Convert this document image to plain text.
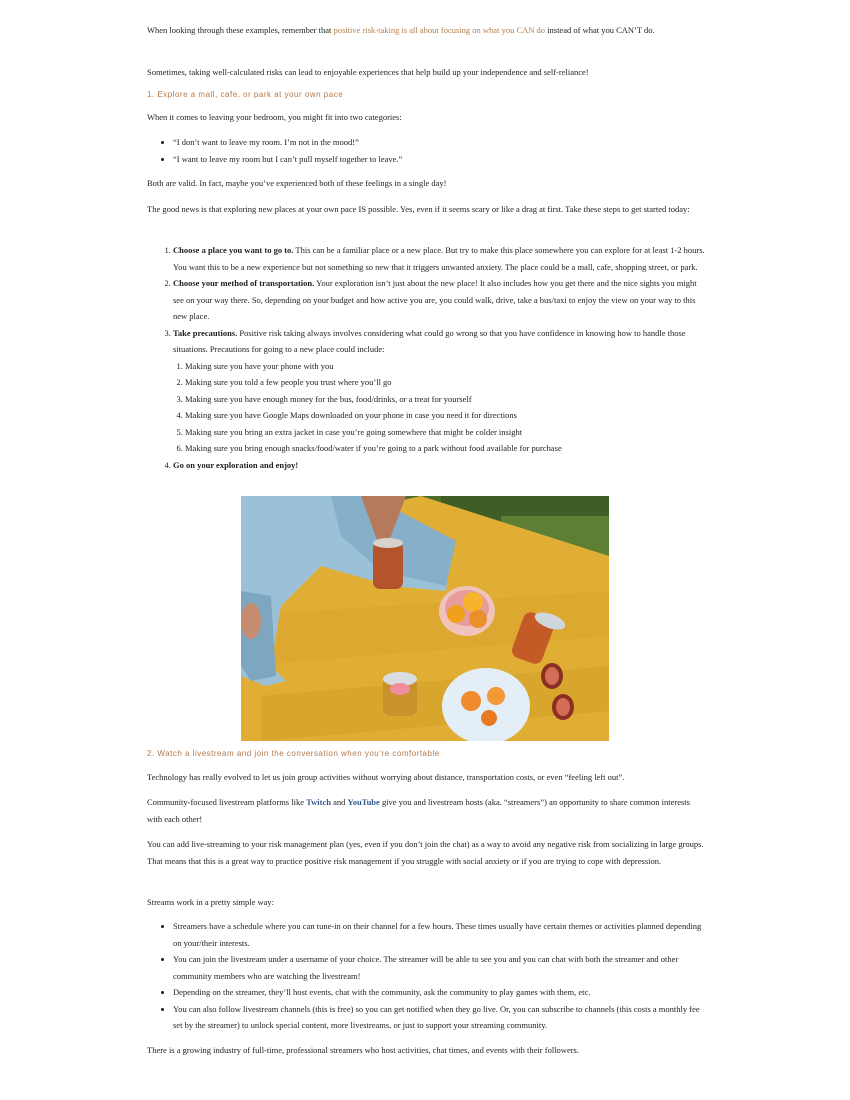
When looking through these examples, remember that positive risk-taking is all about focusing on what you CAN do instead of what you CAN’T do.

Sometimes, taking well-calculated risks can lead to enjoyable experiences that help build up your independence and self-reliance!

1. Explore a mall, cafe, or park at your own pace

When it comes to leaving your bedroom, you might fit into two categories:

• “I don’t want to leave my room. I’m not in the mood!”
• “I want to leave my room but I can’t pull myself together to leave.”

Both are valid. In fact, maybe you’ve experienced both of these feelings in a single day!

The good news is that exploring new places at your own pace IS possible. Yes, even if it seems scary or like a drag at first. Take these steps to get started today:

1. Choose a place you want to go to. This can be a familiar place or a new place. But try to make this place somewhere you can explore for at least 1-2 hours. You want this to be a new experience but not something so new that it triggers unwanted anxiety. The place could be a mall, cafe, shopping street, or park.
2. Choose your method of transportation. Your exploration isn’t just about the new place! It also includes how you get there and the nice sights you might see on your way there. So, depending on your budget and how active you are, you could walk, drive, take a bus/taxi to enjoy the view on your way to this new place.
3. Take precautions. Positive risk taking always involves considering what could go wrong so that you have confidence in knowing how to handle those situations. Precautions for going to a new place could include:
1. Making sure you have your phone with you
2. Making sure you told a few people you trust where you’ll go
3. Making sure you have enough money for the bus, food/drinks, or a treat for yourself
4. Making sure you have Google Maps downloaded on your phone in case you need it for directions
5. Making sure you bring an extra jacket in case you’re going somewhere that might be colder insight
6. Making sure you bring enough snacks/food/water if you’re going to a park without food available for purchase
4. Go on your exploration and enjoy!
2. Watch a livestream and join the conversation when you’re comfortable

Technology has really evolved to let us join group activities without worrying about distance, transportation costs, or even “feeling left out”.

Community-focused livestream platforms like Twitch and YouTube give you and livestream hosts (aka. “streamers”) an opportunity to share common interests with each other!

You can add live-streaming to your risk management plan (yes, even if you don’t join the chat) as a way to avoid any negative risk from socializing in large groups. That means that this is a great way to practice positive risk management if you struggle with social anxiety or if you are trying to cope with depression.

Streams work in a pretty simple way:

• Streamers have a schedule where you can tune-in on their channel for a few hours. These times usually have certain themes or activities planned depending on your/their interests.
• You can join the livestream under a username of your choice. The streamer will be able to see you and you can chat with both the streamer and other community members who are watching the livestream!
• Depending on the streamer, they’ll host events, chat with the community, ask the community to play games with them, etc.
• You can also follow livestream channels (this is free) so you can get notified when they go live. Or, you can subscribe to channels (this costs a monthly fee set by the streamer) to unlock special content, more livestreams, or just to support your streaming community.

There is a growing industry of full-time, professional streamers who host activities, chat times, and events with their followers.
